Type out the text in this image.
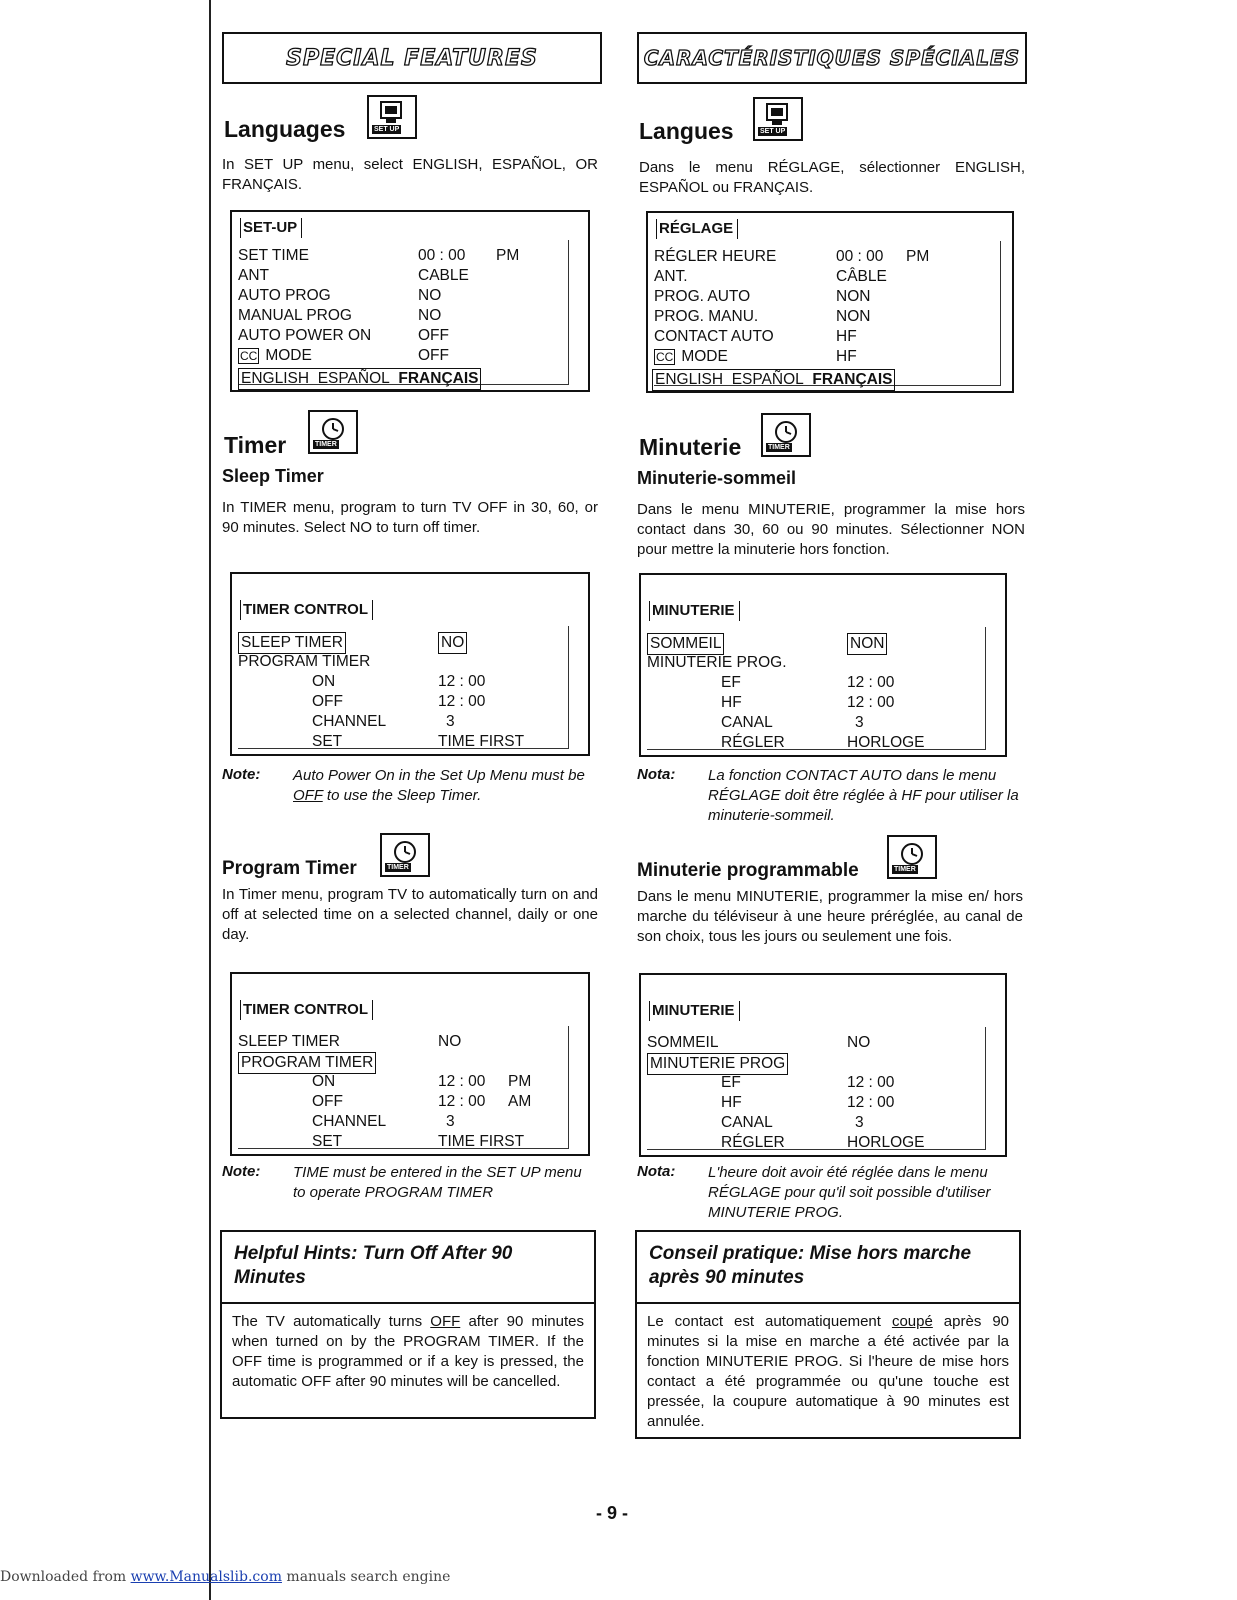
SPECIAL FEATURES
Languages	SET UP
In SET UP menu, select ENGLISH, ESPAÑOL, OR FRANÇAIS.
SET-UP
SET TIME	00 : 00 PM
ANT	CABLE
AUTO PROG	NO
MANUAL PROG	NO
AUTO POWER ON	OFF
CC MODE	OFF
ENGLISH ESPAÑOL FRANÇAIS
Timer	TIMER
Sleep Timer
In TIMER menu, program to turn TV OFF in 30, 60, or 90 minutes. Select NO to turn off timer.
TIMER CONTROL
SLEEP TIMER	NO
PROGRAM TIMER
ON	12 : 00
OFF	12 : 00
CHANNEL	3
SET	TIME FIRST
Note: Auto Power On in the Set Up Menu must be OFF to use the Sleep Timer.
Program Timer	TIMER
In Timer menu, program TV to automatically turn on and off at selected time on a selected channel, daily or one day.
TIMER CONTROL
SLEEP TIMER	NO
PROGRAM TIMER
ON	12 : 00 PM
OFF	12 : 00 AM
CHANNEL	3
SET	TIME FIRST
Note: TIME must be entered in the SET UP menu to operate PROGRAM TIMER
Helpful Hints: Turn Off After 90 Minutes
The TV automatically turns OFF after 90 minutes when turned on by the PROGRAM TIMER. If the OFF time is programmed or if a key is pressed, the automatic OFF after 90 minutes will be cancelled.
CARACTÉRISTIQUES SPÉCIALES
Langues	SET UP
Dans le menu RÉGLAGE, sélectionner ENGLISH, ESPAÑOL ou FRANÇAIS.
RÉGLAGE
RÉGLER HEURE	00 : 00 PM
ANT.	CÂBLE
PROG. AUTO	NON
PROG. MANU.	NON
CONTACT AUTO	HF
CC MODE	HF
ENGLISH ESPAÑOL FRANÇAIS
Minuterie	TIMER
Minuterie-sommeil
Dans le menu MINUTERIE, programmer la mise hors contact dans 30, 60 ou 90 minutes. Sélectionner NON pour mettre la minuterie hors fonction.
MINUTERIE
SOMMEIL	NON
MINUTERIE PROG.
EF	12 : 00
HF	12 : 00
CANAL	3
RÉGLER	HORLOGE
Nota: La fonction CONTACT AUTO dans le menu RÉGLAGE doit être réglée à HF pour utiliser la minuterie-sommeil.
Minuterie programmable	TIMER
Dans le menu MINUTERIE, programmer la mise en/ hors marche du téléviseur à une heure préréglée, au canal de son choix, tous les jours ou seulement une fois.
MINUTERIE
SOMMEIL	NO
MINUTERIE PROG
EF	12 : 00
HF	12 : 00
CANAL	3
RÉGLER	HORLOGE
Nota: L'heure doit avoir été réglée dans le menu RÉGLAGE pour qu'il soit possible d'utiliser MINUTERIE PROG.
Conseil pratique: Mise hors marche après 90 minutes
Le contact est automatiquement coupé après 90 minutes si la mise en marche a été activée par la fonction MINUTERIE PROG. Si l'heure de mise hors contact a été programmée ou qu'une touche est pressée, la coupure automatique à 90 minutes est annulée.
- 9 -
Downloaded from www.Manualslib.com manuals search engine
